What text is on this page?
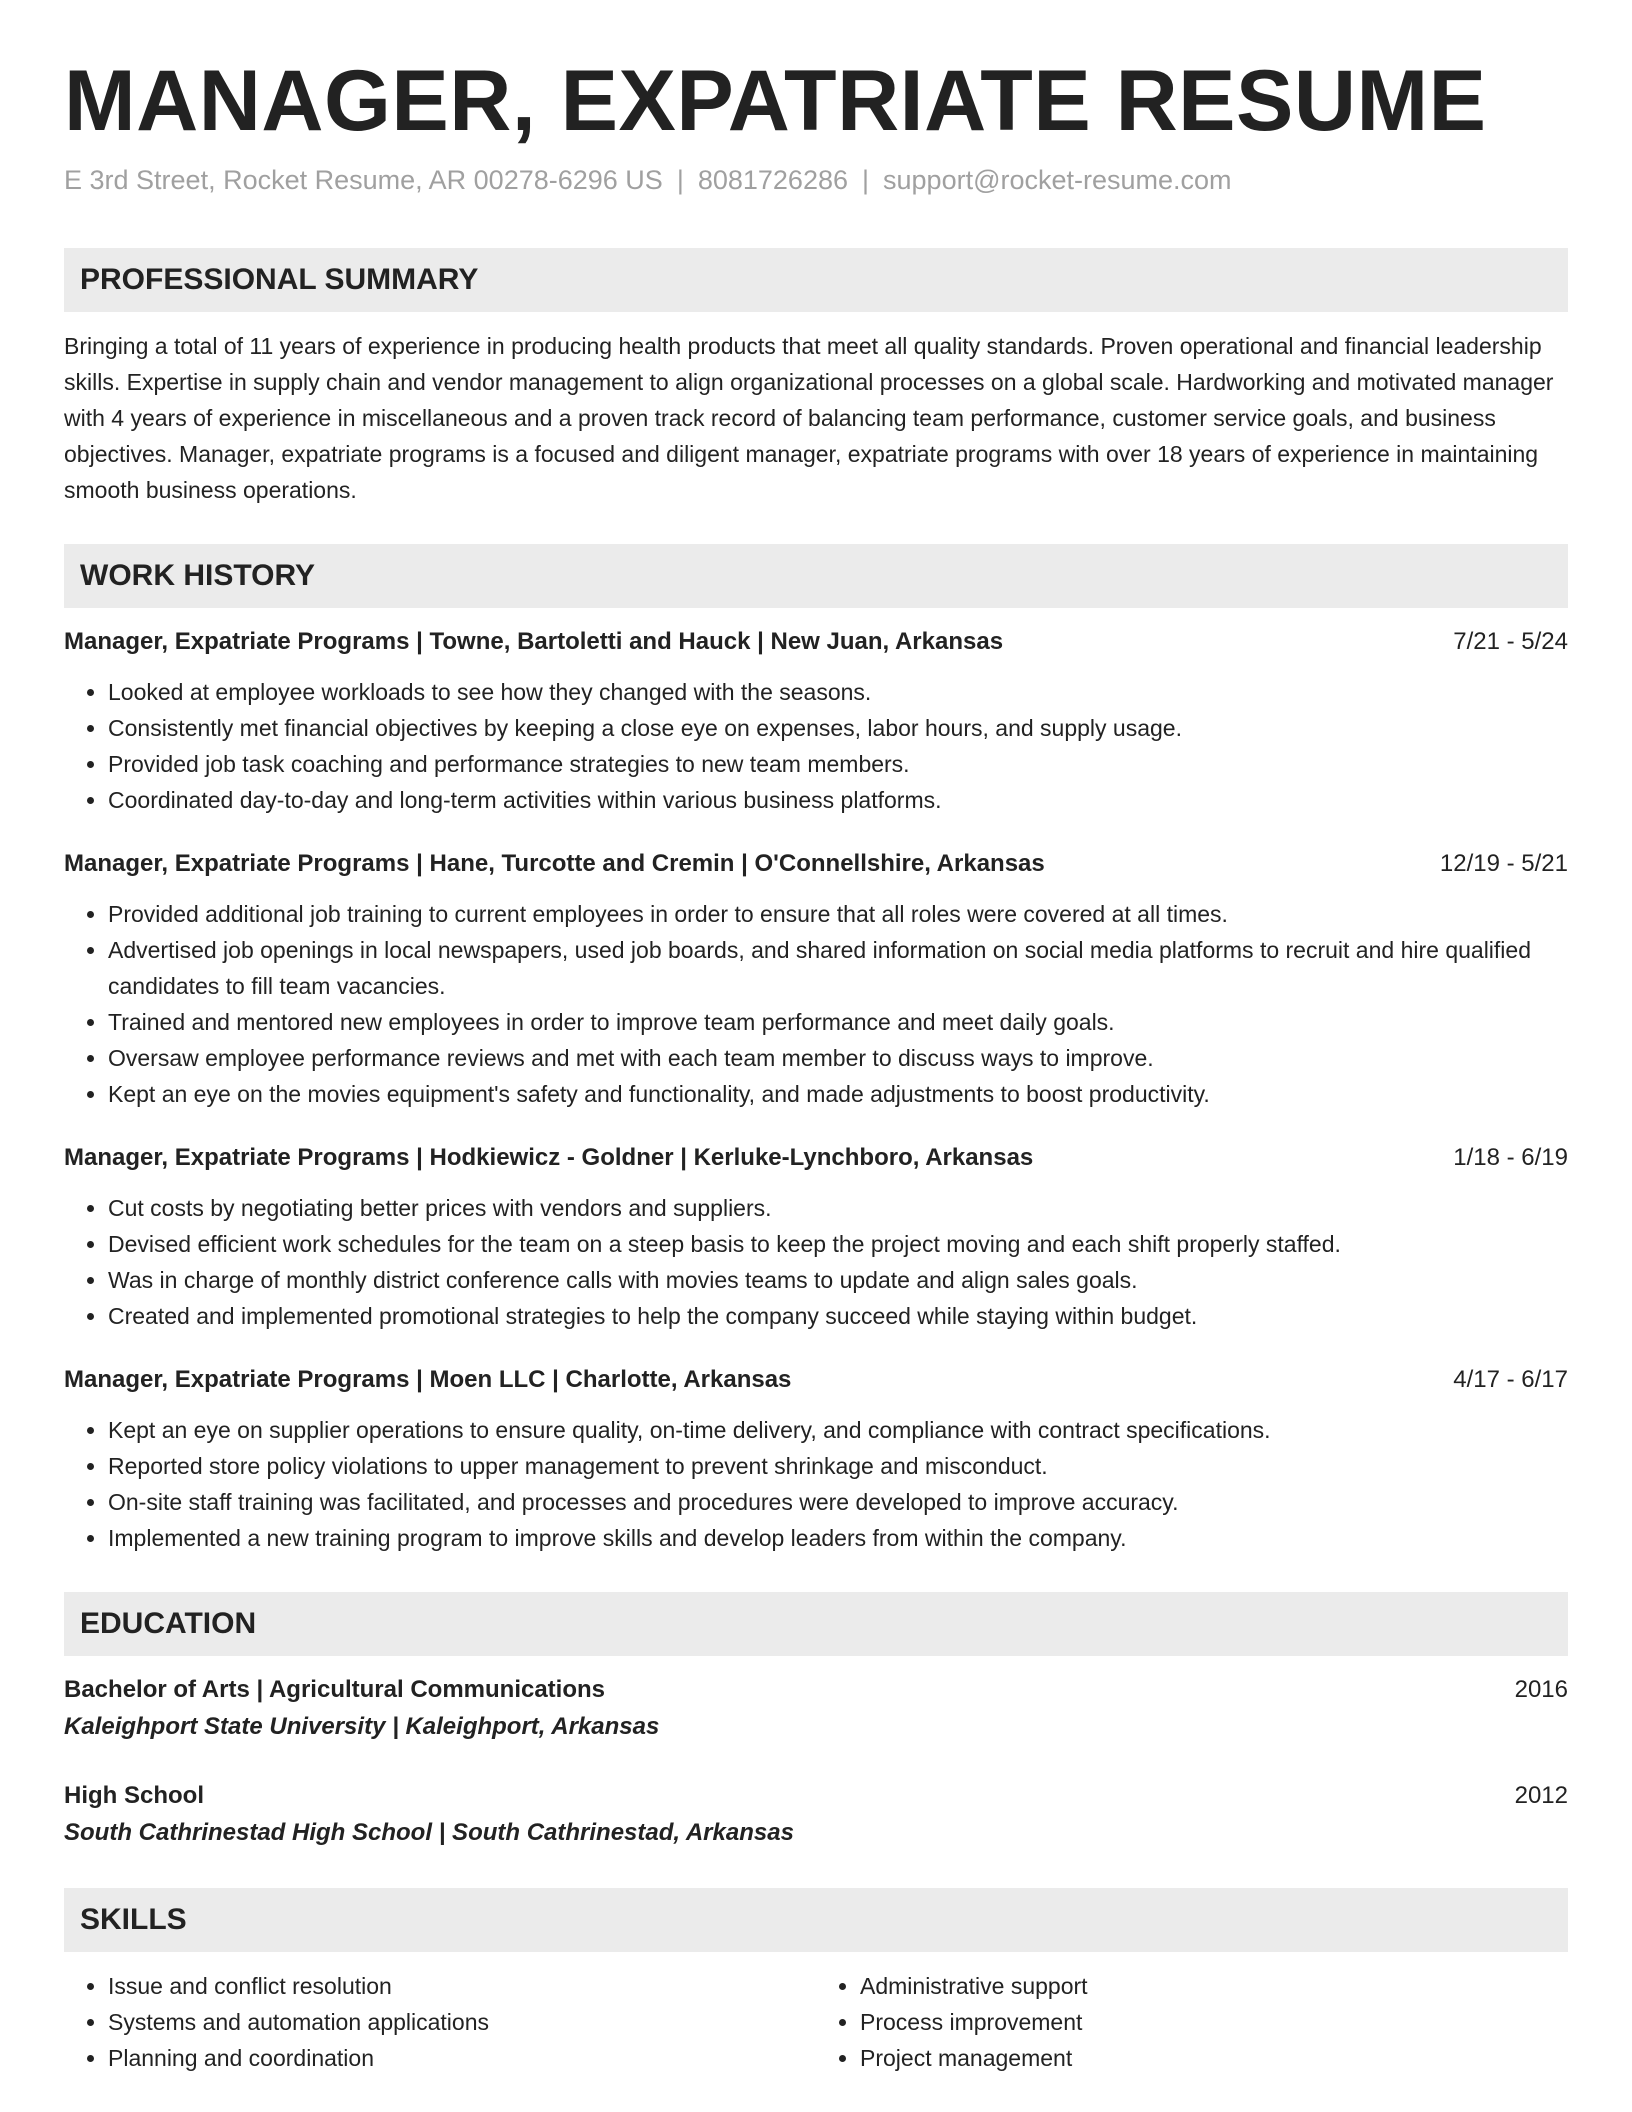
MANAGER, EXPATRIATE RESUME
E 3rd Street, Rocket Resume, AR 00278-6296 US | 8081726286 | support@rocket-resume.com
PROFESSIONAL SUMMARY

Bringing a total of 11 years of experience in producing health products that meet all quality standards. Proven operational and financial leadership skills. Expertise in supply chain and vendor management to align organizational processes on a global scale. Hardworking and motivated manager with 4 years of experience in miscellaneous and a proven track record of balancing team performance, customer service goals, and business objectives. Manager, expatriate programs is a focused and diligent manager, expatriate programs with over 18 years of experience in maintaining smooth business operations.

WORK HISTORY
Manager, Expatriate Programs | Towne, Bartoletti and Hauck | New Juan, Arkansas	7/21 - 5/24
• Looked at employee workloads to see how they changed with the seasons.
• Consistently met financial objectives by keeping a close eye on expenses, labor hours, and supply usage.
• Provided job task coaching and performance strategies to new team members.
• Coordinated day-to-day and long-term activities within various business platforms.
Manager, Expatriate Programs | Hane, Turcotte and Cremin | O'Connellshire, Arkansas	12/19 - 5/21
• Provided additional job training to current employees in order to ensure that all roles were covered at all times.
• Advertised job openings in local newspapers, used job boards, and shared information on social media platforms to recruit and hire qualified candidates to fill team vacancies.
• Trained and mentored new employees in order to improve team performance and meet daily goals.
• Oversaw employee performance reviews and met with each team member to discuss ways to improve.
• Kept an eye on the movies equipment's safety and functionality, and made adjustments to boost productivity.
Manager, Expatriate Programs | Hodkiewicz - Goldner | Kerluke-Lynchboro, Arkansas	1/18 - 6/19
• Cut costs by negotiating better prices with vendors and suppliers.
• Devised efficient work schedules for the team on a steep basis to keep the project moving and each shift properly staffed.
• Was in charge of monthly district conference calls with movies teams to update and align sales goals.
• Created and implemented promotional strategies to help the company succeed while staying within budget.
Manager, Expatriate Programs | Moen LLC | Charlotte, Arkansas	4/17 - 6/17
• Kept an eye on supplier operations to ensure quality, on-time delivery, and compliance with contract specifications.
• Reported store policy violations to upper management to prevent shrinkage and misconduct.
• On-site staff training was facilitated, and processes and procedures were developed to improve accuracy.
• Implemented a new training program to improve skills and develop leaders from within the company.
EDUCATION
Bachelor of Arts | Agricultural Communications	2016
Kaleighport State University | Kaleighport, Arkansas
High School	2012
South Cathrinestad High School | South Cathrinestad, Arkansas
SKILLS
• Issue and conflict resolution
• Systems and automation applications
• Planning and coordination
• Administrative support
• Process improvement
• Project management
